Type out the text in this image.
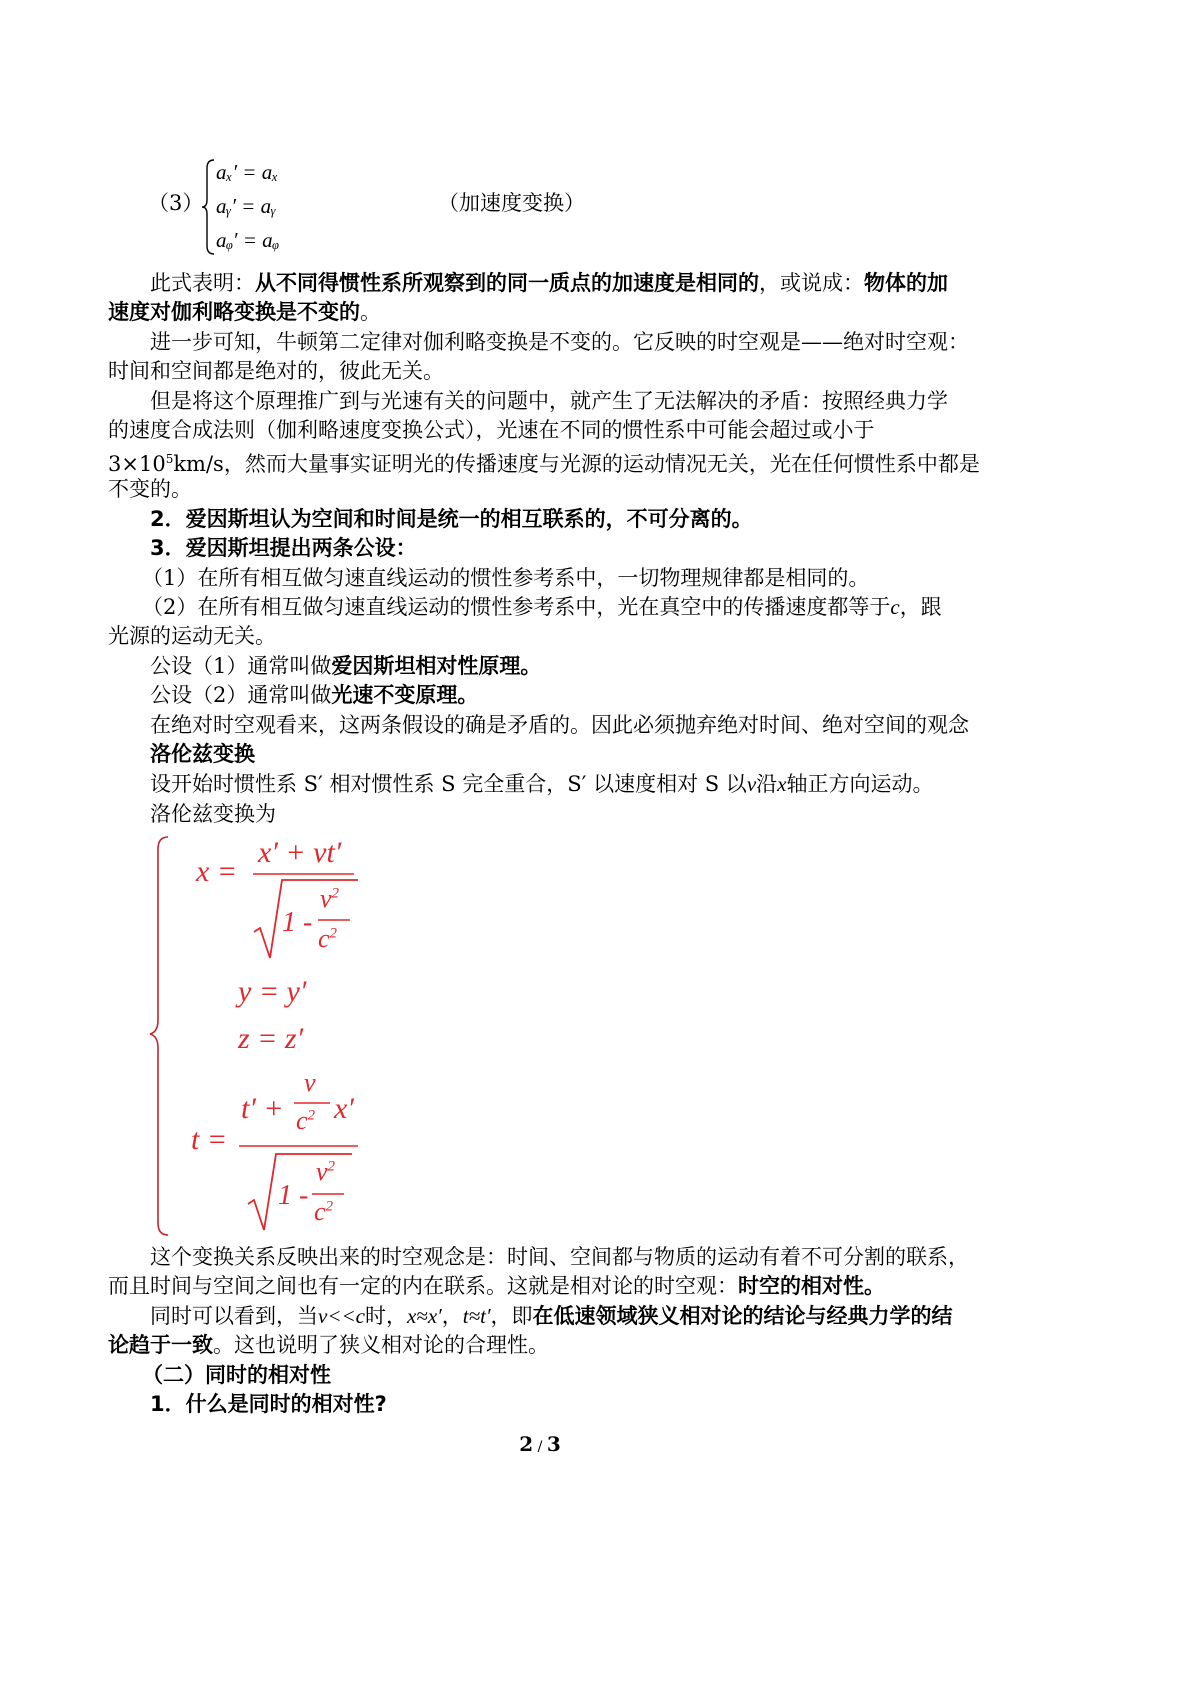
（3）
aₓ′ = aₓ
aᵧ′ = aᵧ
aᵩ′ = aᵩ
（加速度变换）
此式表明：从不同得惯性系所观察到的同一质点的加速度是相同的，或说成：物体的加
速度对伽利略变换是不变的。
进一步可知，牛顿第二定律对伽利略变换是不变的。它反映的时空观是——绝对时空观：
时间和空间都是绝对的，彼此无关。
但是将这个原理推广到与光速有关的问题中，就产生了无法解决的矛盾：按照经典力学
的速度合成法则（伽利略速度变换公式），光速在不同的惯性系中可能会超过或小于
$3\times 10^5km/s$，然而大量事实证明光的传播速度与光源的运动情况无关，光在任何惯性系中都是
不变的。
2．爱因斯坦认为空间和时间是统一的相互联系的，不可分离的。
3．爱因斯坦提出两条公设：
（1）在所有相互做匀速直线运动的惯性参考系中，一切物理规律都是相同的。
（2）在所有相互做匀速直线运动的惯性参考系中，光在真空中的传播速度都等于c，跟
光源的运动无关。
公设（1）通常叫做爱因斯坦相对性原理。
公设（2）通常叫做光速不变原理。
在绝对时空观看来，这两条假设的确是矛盾的。因此必须抛弃绝对时间、绝对空间的观念
洛伦兹变换
设开始时惯性系 S′ 相对惯性系 S 完全重合，S′ 以速度相对 S 以v沿x轴正方向运动。
洛伦兹变换为
x =
x′ + vt′
1 -
$v^2$
$c^2$
y = y′
z = z′
t =
t′ +
v
$c^2$ x′
1 -
$v^2$
$c^2$
这个变换关系反映出来的时空观念是：时间、空间都与物质的运动有着不可分割的联系，
而且时间与空间之间也有一定的内在联系。这就是相对论的时空观：时空的相对性。
同时可以看到，当v<<c时，x≈x′，t≈t′，即在低速领域狭义相对论的结论与经典力学的结
论趋于一致。这也说明了狭义相对论的合理性。
（二）同时的相对性
1．什么是同时的相对性?
2 / 3
